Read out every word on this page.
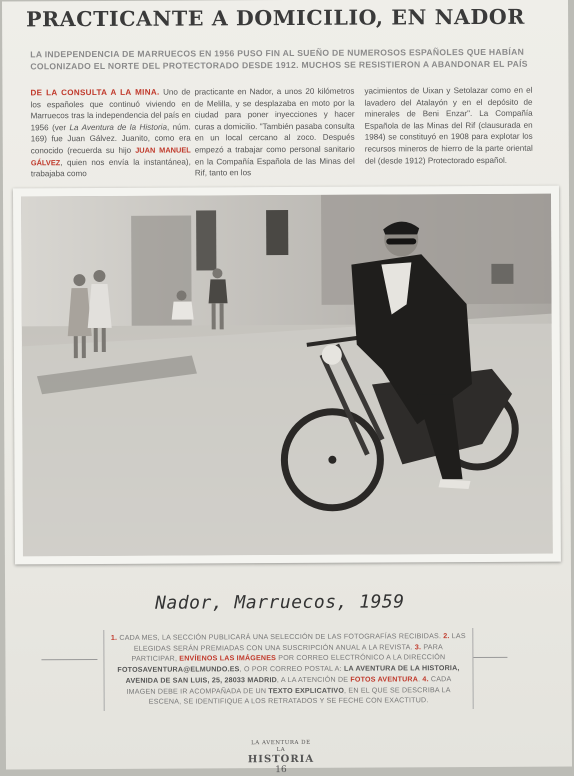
PRACTICANTE A DOMICILIO, EN NADOR
LA INDEPENDENCIA DE MARRUECOS EN 1956 PUSO FIN AL SUEÑO DE NUMEROSOS ESPAÑOLES QUE HABÍAN COLONIZADO EL NORTE DEL PROTECTORADO DESDE 1912. MUCHOS SE RESISTIERON A ABANDONAR EL PAÍS
DE LA CONSULTA A LA MINA. Uno de los españoles que continuó viviendo en Marruecos tras la independencia del país en 1956 (ver La Aventura de la Historia, núm. 169) fue Juan Gálvez. Juanito, como era conocido (recuerda su hijo JUAN MANUEL GÁLVEZ, quien nos envía la instantánea), trabajaba como
practicante en Nador, a unos 20 kilómetros de Melilla, y se desplazaba en moto por la ciudad para poner inyecciones y hacer curas a domicilio. "También pasaba consulta en un local cercano al zoco. Después empezó a trabajar como personal sanitario en la Compañía Española de las Minas del Rif, tanto en los
yacimientos de Uixan y Setolazar como en el lavadero del Atalayón y en el depósito de minerales de Beni Enzar". La Compañía Española de las Minas del Rif (clausurada en 1984) se constituyó en 1908 para explotar los recursos mineros de hierro de la parte oriental del (desde 1912) Protectorado español.
Nador, Marruecos, 1959
1. CADA MES, LA SECCIÓN PUBLICARÁ UNA SELECCIÓN DE LAS FOTOGRAFÍAS RECIBIDAS. 2. LAS ELEGIDAS SERÁN PREMIADAS CON UNA SUSCRIPCIÓN ANUAL A LA REVISTA. 3. PARA PARTICIPAR, ENVÍENOS LAS IMÁGENES POR CORREO ELECTRÓNICO A LA DIRECCIÓN FOTOSAVENTURA@ELMUNDO.ES, O POR CORREO POSTAL A: LA AVENTURA DE LA HISTORIA, AVENIDA DE SAN LUIS, 25, 28033 MADRID, A LA ATENCIÓN DE FOTOS AVENTURA. 4. CADA IMAGEN DEBE IR ACOMPAÑADA DE UN TEXTO EXPLICATIVO, EN EL QUE SE DESCRIBA LA ESCENA, SE IDENTIFIQUE A LOS RETRATADOS Y SE FECHE CON EXACTITUD.
LA AVENTURA DE LA
HISTORIA
16
